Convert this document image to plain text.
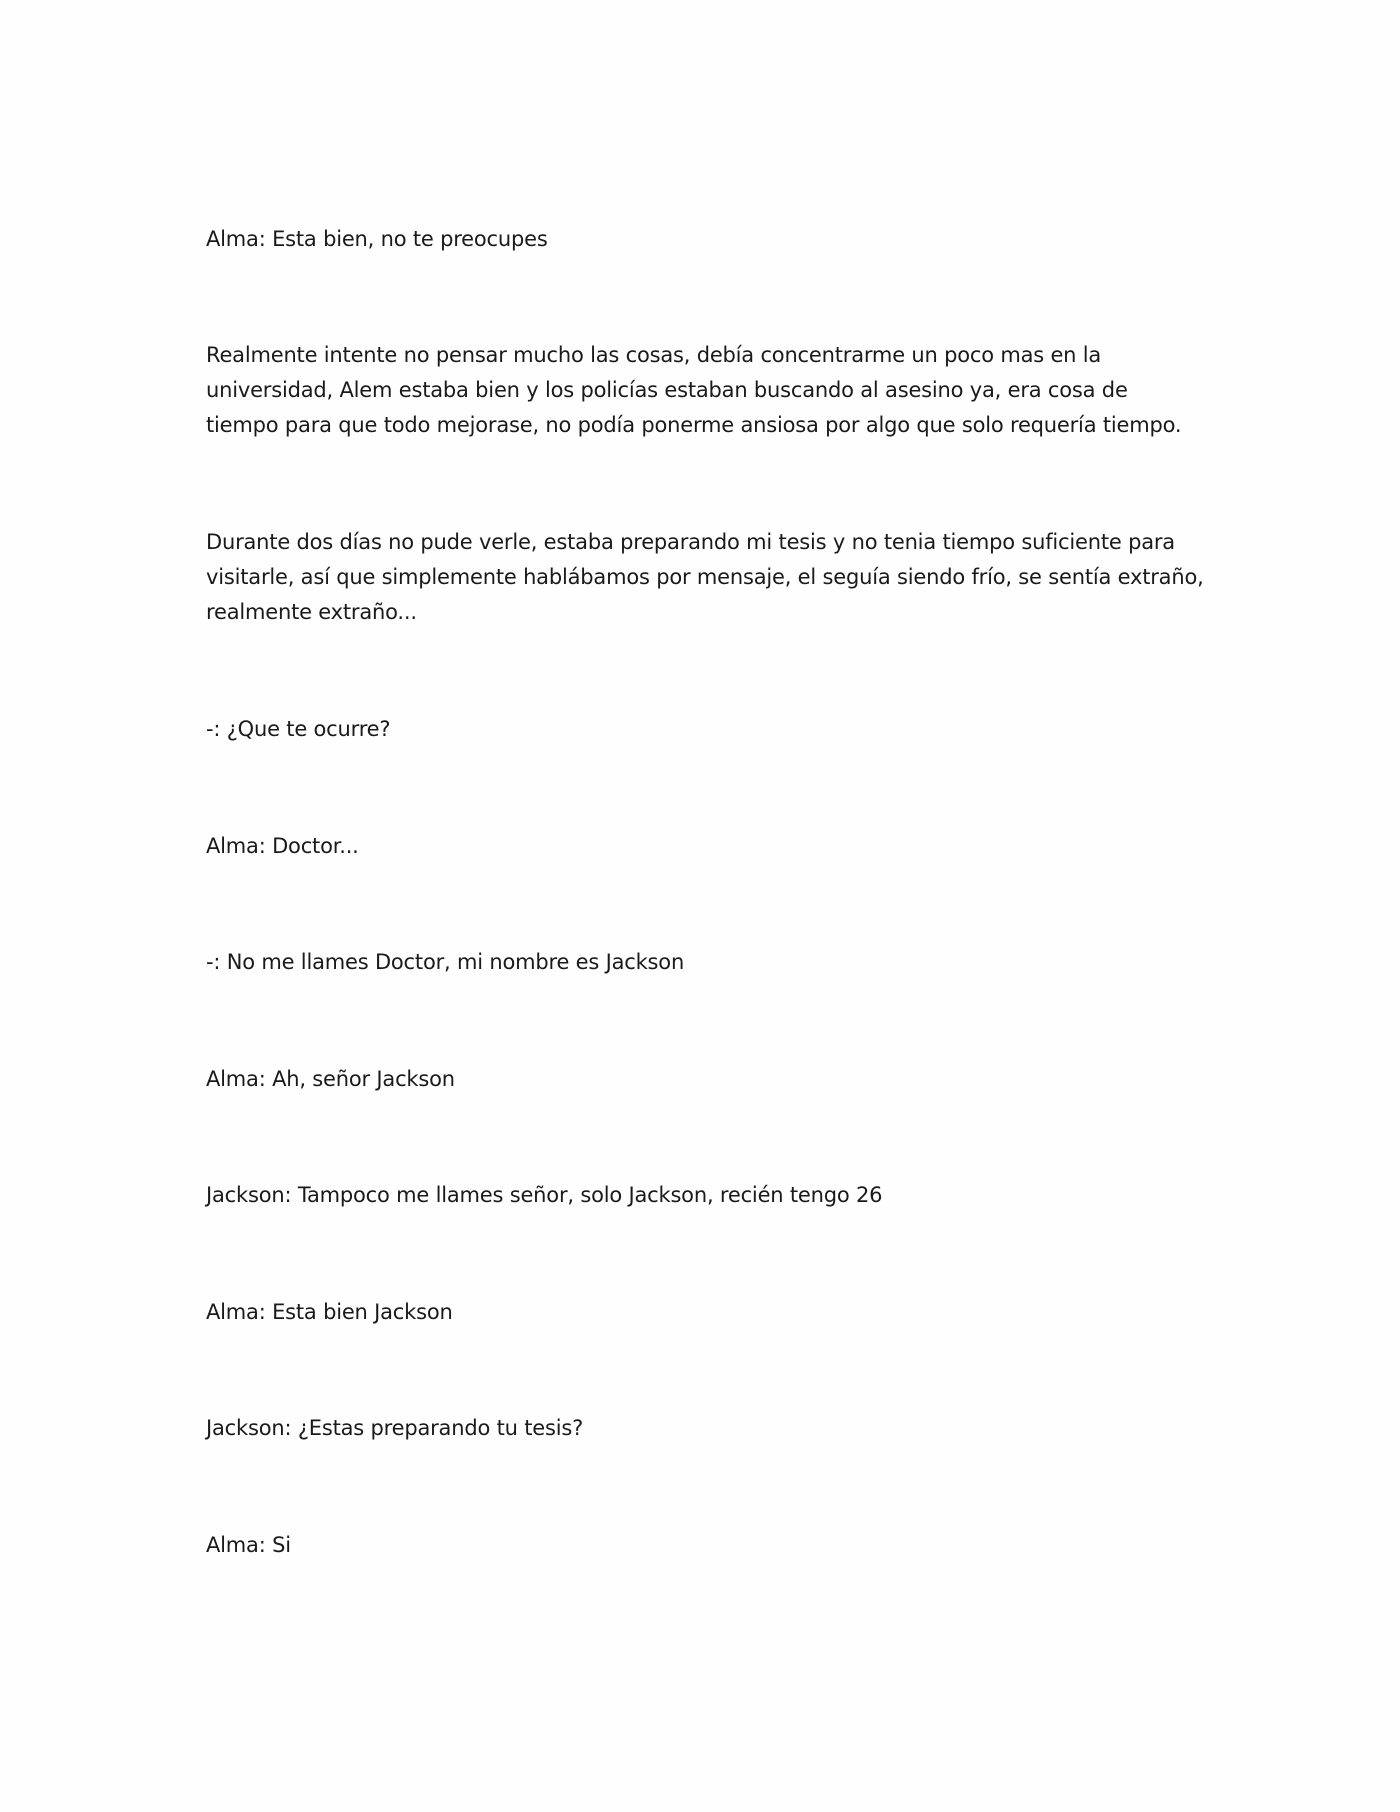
Alma: Esta bien, no te preocupes

Realmente intente no pensar mucho las cosas, debía concentrarme un poco mas en la universidad, Alem estaba bien y los policías estaban buscando al asesino ya, era cosa de tiempo para que todo mejorase, no podía ponerme ansiosa por algo que solo requería tiempo.

Durante dos días no pude verle, estaba preparando mi tesis y no tenia tiempo suficiente para visitarle, así que simplemente hablábamos por mensaje, el seguía siendo frío, se sentía extraño, realmente extraño...

-: ¿Que te ocurre?

Alma: Doctor...

-: No me llames Doctor, mi nombre es Jackson

Alma: Ah, señor Jackson

Jackson: Tampoco me llames señor, solo Jackson, recién tengo 26

Alma: Esta bien Jackson

Jackson: ¿Estas preparando tu tesis?

Alma: Si
